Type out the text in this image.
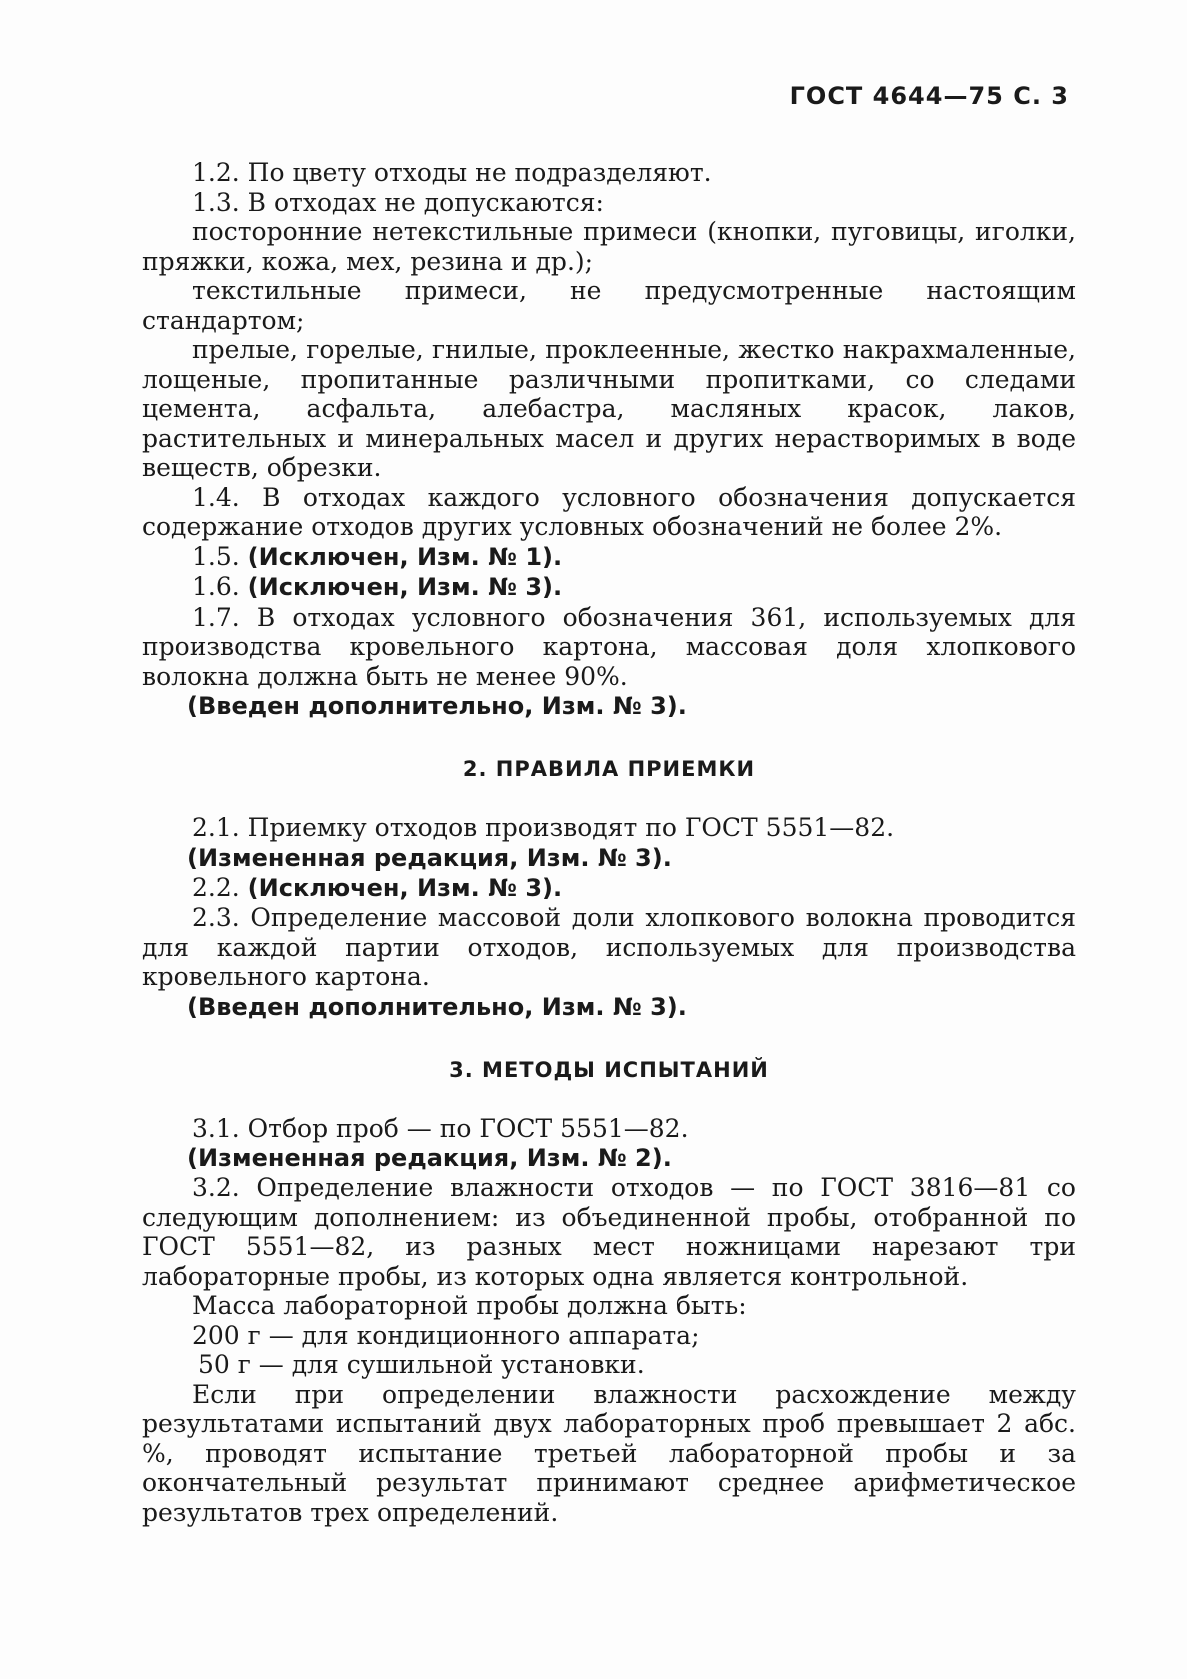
ГОСТ 4644—75 С. 3

1.2. По цвету отходы не подразделяют.

1.3. В отходах не допускаются:

посторонние нетекстильные примеси (кнопки, пуговицы, иголки, пряжки, кожа, мех, резина и др.);

текстильные примеси, не предусмотренные настоящим стандартом;

прелые, горелые, гнилые, проклеенные, жестко накрахмаленные, лощеные, пропитанные различными пропитками, со следами цемента, асфальта, алебастра, масляных красок, лаков, растительных и минеральных масел и других нерастворимых в воде веществ, обрезки.

1.4. В отходах каждого условного обозначения допускается содержание отходов других условных обозначений не более 2%.

1.5. (Исключен, Изм. № 1).

1.6. (Исключен, Изм. № 3).

1.7. В отходах условного обозначения 361, используемых для производства кровельного картона, массовая доля хлопкового волокна должна быть не менее 90%.

(Введен дополнительно, Изм. № 3).

2. ПРАВИЛА ПРИЕМКИ

2.1. Приемку отходов производят по ГОСТ 5551—82.

(Измененная редакция, Изм. № 3).

2.2. (Исключен, Изм. № 3).

2.3. Определение массовой доли хлопкового волокна проводится для каждой партии отходов, используемых для производства кровельного картона.

(Введен дополнительно, Изм. № 3).

3. МЕТОДЫ ИСПЫТАНИЙ

3.1. Отбор проб — по ГОСТ 5551—82.

(Измененная редакция, Изм. № 2).

3.2. Определение влажности отходов — по ГОСТ 3816—81 со следующим дополнением: из объединенной пробы, отобранной по ГОСТ 5551—82, из разных мест ножницами нарезают три лабораторные пробы, из которых одна является контрольной.

Масса лабораторной пробы должна быть:

200 г — для кондиционного аппарата;

50 г — для сушильной установки.

Если при определении влажности расхождение между результатами испытаний двух лабораторных проб превышает 2 абс. %, проводят испытание третьей лабораторной пробы и за окончательный результат принимают среднее арифметическое результатов трех определений.
